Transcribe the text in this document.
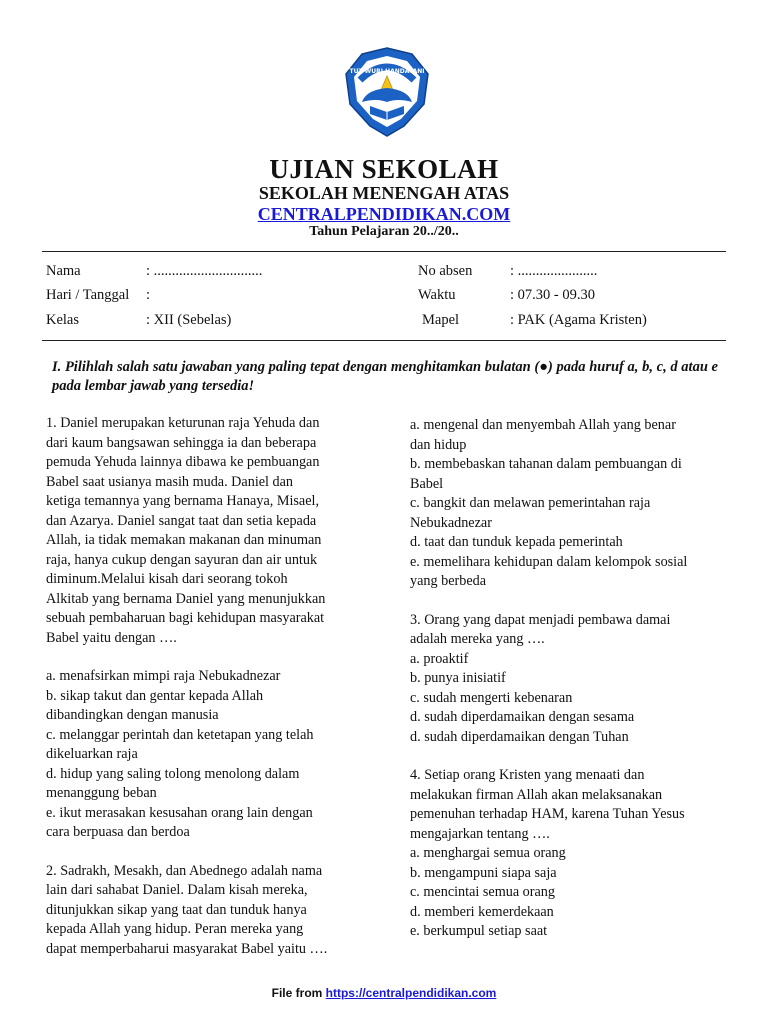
TUT WURI HANDAYANI
UJIAN SEKOLAH
SEKOLAH MENENGAH ATAS
CENTRALPENDIDIKAN.COM
Tahun Pelajaran 20../20..
Nama	: ..............................	No absen	: ......................
Hari / Tanggal :	Waktu	: 07.30 - 09.30
Kelas	: XII (Sebelas)	Mapel	: PAK (Agama Kristen)
I. Pilihlah salah satu jawaban yang paling tepat dengan menghitamkan bulatan (●) pada huruf a, b, c, d atau e pada lembar jawab yang tersedia!

1. Daniel merupakan keturunan raja Yehuda dan

dari kaum bangsawan sehingga ia dan beberapa

pemuda Yehuda lainnya dibawa ke pembuangan

Babel saat usianya masih muda. Daniel dan

ketiga temannya yang bernama Hanaya, Misael,

dan Azarya. Daniel sangat taat dan setia kepada

Allah, ia tidak memakan makanan dan minuman

raja, hanya cukup dengan sayuran dan air untuk

diminum.Melalui kisah dari seorang tokoh

Alkitab yang bernama Daniel yang menunjukkan

sebuah pembaharuan bagi kehidupan masyarakat

Babel yaitu dengan ….

a. menafsirkan mimpi raja Nebukadnezar

b. sikap takut dan gentar kepada Allah

dibandingkan dengan manusia

c. melanggar perintah dan ketetapan yang telah

dikeluarkan raja

d. hidup yang saling tolong menolong dalam

menanggung beban

e. ikut merasakan kesusahan orang lain dengan

cara berpuasa dan berdoa

2. Sadrakh, Mesakh, dan Abednego adalah nama

lain dari sahabat Daniel. Dalam kisah mereka,

ditunjukkan sikap yang taat dan tunduk hanya

kepada Allah yang hidup. Peran mereka yang

dapat memperbaharui masyarakat Babel yaitu ….

a. mengenal dan menyembah Allah yang benar

dan hidup

b. membebaskan tahanan dalam pembuangan di

Babel

c. bangkit dan melawan pemerintahan raja

Nebukadnezar

d. taat dan tunduk kepada pemerintah

e. memelihara kehidupan dalam kelompok sosial

yang berbeda

3. Orang yang dapat menjadi pembawa damai

adalah mereka yang ….

a. proaktif

b. punya inisiatif

c. sudah mengerti kebenaran

d. sudah diperdamaikan dengan sesama

d. sudah diperdamaikan dengan Tuhan

4. Setiap orang Kristen yang menaati dan

melakukan firman Allah akan melaksanakan

pemenuhan terhadap HAM, karena Tuhan Yesus

mengajarkan tentang ….

a. menghargai semua orang

b. mengampuni siapa saja

c. mencintai semua orang

d. memberi kemerdekaan

e. berkumpul setiap saat

File from https://centralpendidikan.com
